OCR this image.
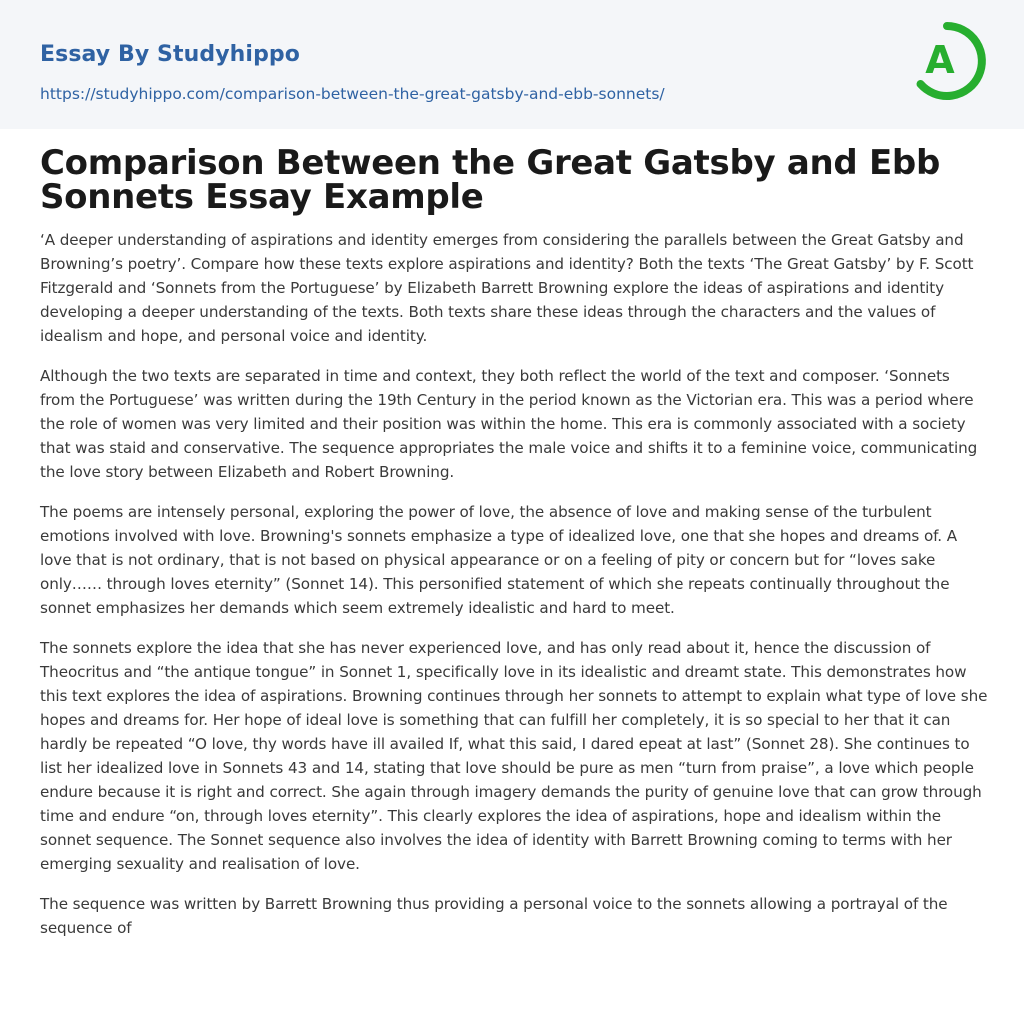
Essay By Studyhippo
https://studyhippo.com/comparison-between-the-great-gatsby-and-ebb-sonnets/
A
Comparison Between the Great Gatsby and Ebb Sonnets Essay Example

‘A deeper understanding of aspirations and identity emerges from considering the parallels between the Great Gatsby and Browning’s poetry’. Compare how these texts explore aspirations and identity? Both the texts ‘The Great Gatsby’ by F. Scott Fitzgerald and ‘Sonnets from the Portuguese’ by Elizabeth Barrett Browning explore the ideas of aspirations and identity developing a deeper understanding of the texts. Both texts share these ideas through the characters and the values of idealism and hope, and personal voice and identity.

Although the two texts are separated in time and context, they both reflect the world of the text and composer. ‘Sonnets from the Portuguese’ was written during the 19th Century in the period known as the Victorian era. This was a period where the role of women was very limited and their position was within the home. This era is commonly associated with a society that was staid and conservative. The sequence appropriates the male voice and shifts it to a feminine voice, communicating the love story between Elizabeth and Robert Browning.

The poems are intensely personal, exploring the power of love, the absence of love and making sense of the turbulent emotions involved with love. Browning's sonnets emphasize a type of idealized love, one that she hopes and dreams of. A love that is not ordinary, that is not based on physical appearance or on a feeling of pity or concern but for “loves sake only…… through loves eternity” (Sonnet 14). This personified statement of which she repeats continually throughout the sonnet emphasizes her demands which seem extremely idealistic and hard to meet.

The sonnets explore the idea that she has never experienced love, and has only read about it, hence the discussion of Theocritus and “the antique tongue” in Sonnet 1, specifically love in its idealistic and dreamt state. This demonstrates how this text explores the idea of aspirations. Browning continues through her sonnets to attempt to explain what type of love she hopes and dreams for. Her hope of ideal love is something that can fulfill her completely, it is so special to her that it can hardly be repeated “O love, thy words have ill availed If, what this said, I dared epeat at last” (Sonnet 28). She continues to list her idealized love in Sonnets 43 and 14, stating that love should be pure as men “turn from praise”, a love which people endure because it is right and correct. She again through imagery demands the purity of genuine love that can grow through time and endure “on, through loves eternity”. This clearly explores the idea of aspirations, hope and idealism within the sonnet sequence. The Sonnet sequence also involves the idea of identity with Barrett Browning coming to terms with her emerging sexuality and realisation of love.

The sequence was written by Barrett Browning thus providing a personal voice to the sonnets allowing a portrayal of the sequence of
